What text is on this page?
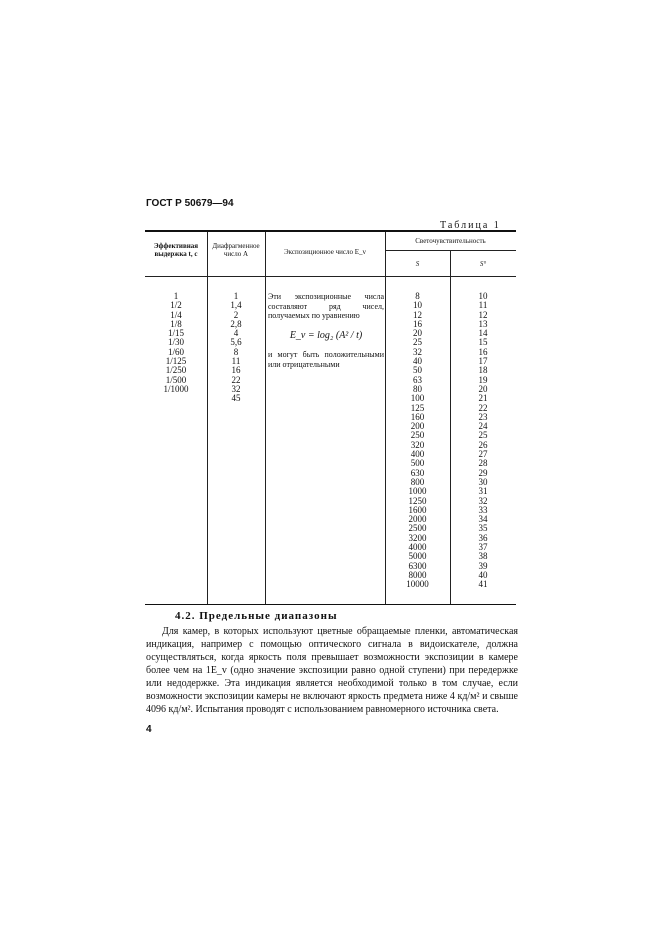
ГОСТ Р 50679—94
Таблица 1
Эффективная выдержка t, с
Диафрагменное число A	Экспозиционное число E_v
Светочувствительность
S	S°
1
1/2
1/4
1/8
1/15
1/30
1/60
1/125
1/250
1/500
1/1000
1
1,4
2
2,8
4
5,6
8
11
16
22
32
45
Эти экспозиционные числа составляют ряд чисел, получаемых по уравнению
E_v = log₂ (A² / t)
и могут быть положительными или отрицательными
8
10
12
16
20
25
32
40
50
63
80
100
125
160
200
250
320
400
500
630
800
1000
1250
1600
2000
2500
3200
4000
5000
6300
8000
10000
10
11
12
13
14
15
16
17
18
19
20
21
22
23
24
25
26
27
28
29
30
31
32
33
34
35
36
37
38
39
40
41
4.2. Предельные диапазоны
Для камер, в которых используют цветные обращаемые пленки, автоматическая индикация, например с помощью оптического сигнала в видоискателе, должна осуществляться, когда яркость поля превышает возможности экспозиции в камере более чем на 1E_v (одно значение экспозиции равно одной ступени) при передержке или недодержке. Эта индикация является необходимой только в том случае, если возможности экспозиции камеры не включают яркость предмета ниже 4 кд/м² и свыше 4096 кд/м². Испытания проводят с использованием равномерного источника света.
4
